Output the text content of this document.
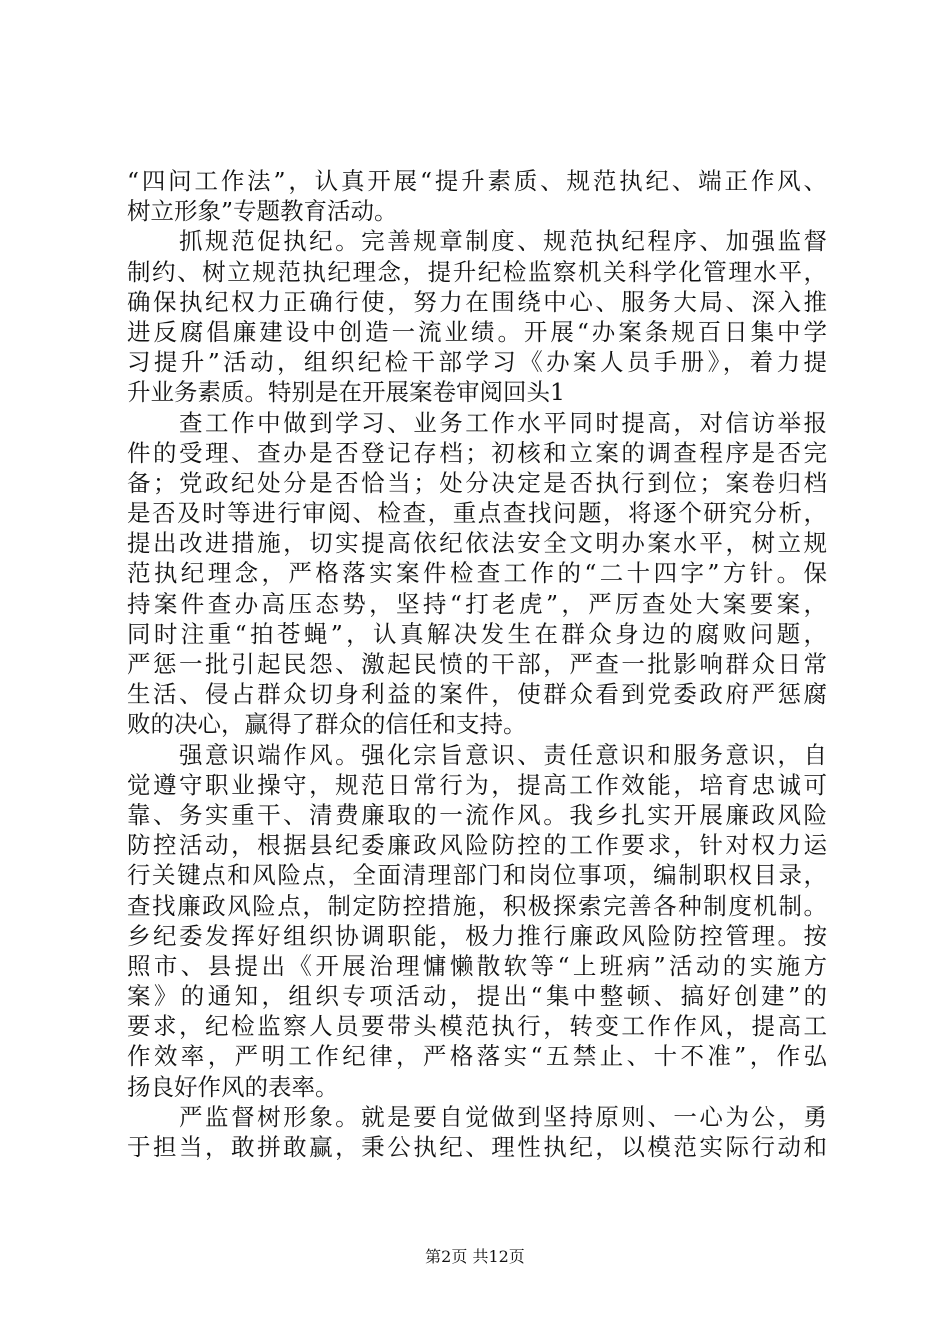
“四问工作法”，认真开展“提升素质、规范执纪、端正作风、
树立形象”专题教育活动。
　　抓规范促执纪。完善规章制度、规范执纪程序、加强监督
制约、树立规范执纪理念，提升纪检监察机关科学化管理水平，
确保执纪权力正确行使，努力在围绕中心、服务大局、深入推
进反腐倡廉建设中创造一流业绩。开展“办案条规百日集中学
习提升”活动，组织纪检干部学习《办案人员手册》，着力提
升业务素质。特别是在开展案卷审阅回头1
　　查工作中做到学习、业务工作水平同时提高，对信访举报
件的受理、查办是否登记存档；初核和立案的调查程序是否完
备；党政纪处分是否恰当；处分决定是否执行到位；案卷归档
是否及时等进行审阅、检查，重点查找问题，将逐个研究分析，
提出改进措施，切实提高依纪依法安全文明办案水平，树立规
范执纪理念，严格落实案件检查工作的“二十四字”方针。保
持案件查办高压态势，坚持“打老虎”，严厉查处大案要案，
同时注重“拍苍蝇”，认真解决发生在群众身边的腐败问题，
严惩一批引起民怨、激起民愤的干部，严查一批影响群众日常
生活、侵占群众切身利益的案件，使群众看到党委政府严惩腐
败的决心，赢得了群众的信任和支持。
　　强意识端作风。强化宗旨意识、责任意识和服务意识，自
觉遵守职业操守，规范日常行为，提高工作效能，培育忠诚可
靠、务实重干、清费廉取的一流作风。我乡扎实开展廉政风险
防控活动，根据县纪委廉政风险防控的工作要求，针对权力运
行关键点和风险点，全面清理部门和岗位事项，编制职权目录，
查找廉政风险点，制定防控措施，积极探索完善各种制度机制。
乡纪委发挥好组织协调职能，极力推行廉政风险防控管理。按
照市、县提出《开展治理慵懒散软等“上班病”活动的实施方
案》的通知，组织专项活动，提出“集中整顿、搞好创建”的
要求，纪检监察人员要带头模范执行，转变工作作风，提高工
作效率，严明工作纪律，严格落实“五禁止、十不准”，作弘
扬良好作风的表率。
　　严监督树形象。就是要自觉做到坚持原则、一心为公，勇
于担当，敢拼敢赢，秉公执纪、理性执纪，以模范实际行动和
第2页 共12页
